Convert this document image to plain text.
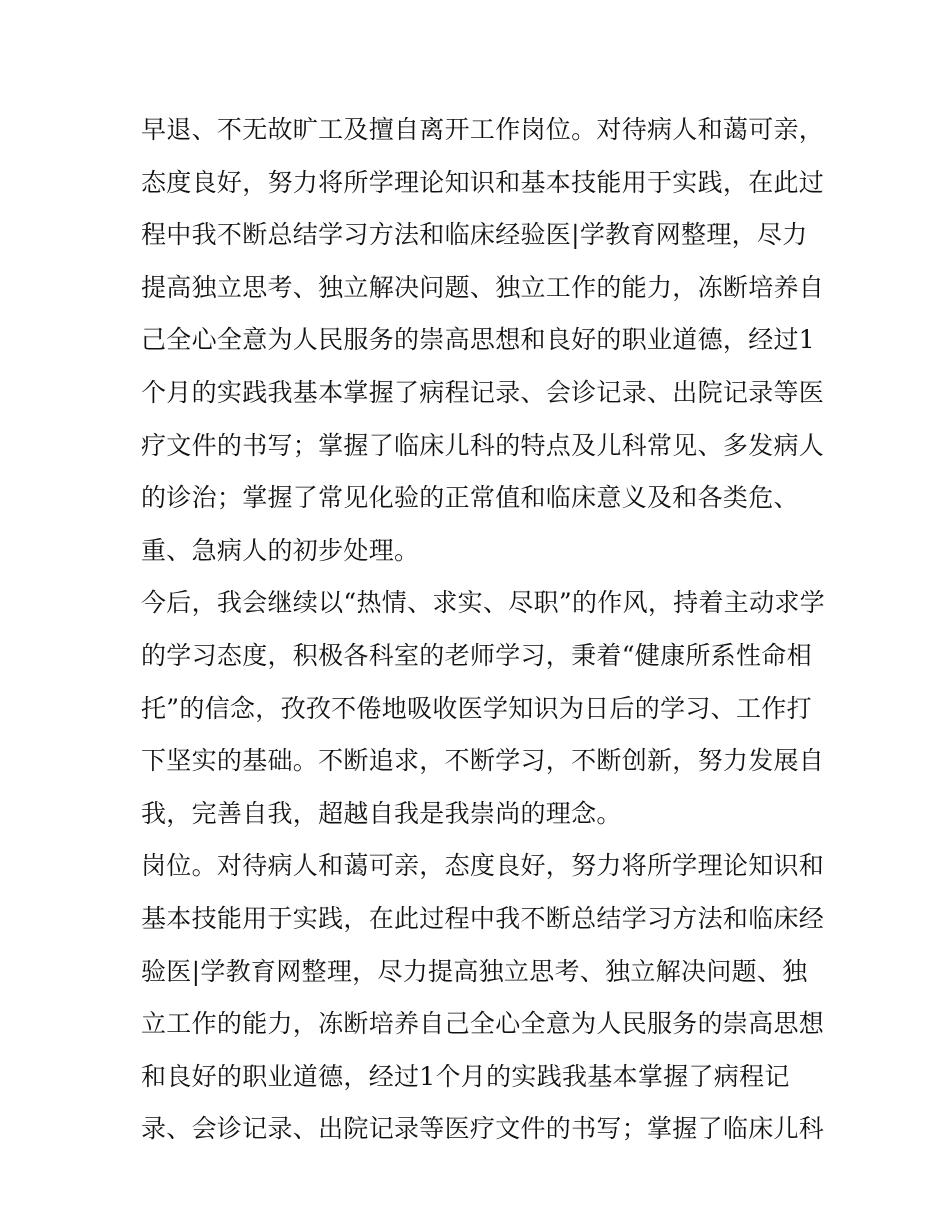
早退、不无故旷工及擅自离开工作岗位。对待病人和蔼可亲，
态度良好，努力将所学理论知识和基本技能用于实践，在此过
程中我不断总结学习方法和临床经验医|学教育网整理，尽力
提高独立思考、独立解决问题、独立工作的能力，冻断培养自
己全心全意为人民服务的崇高思想和良好的职业道德，经过1
个月的实践我基本掌握了病程记录、会诊记录、出院记录等医
疗文件的书写；掌握了临床儿科的特点及儿科常见、多发病人
的诊治；掌握了常见化验的正常值和临床意义及和各类危、
重、急病人的初步处理。
今后，我会继续以“热情、求实、尽职”的作风，持着主动求学
的学习态度，积极各科室的老师学习，秉着“健康所系性命相
托”的信念，孜孜不倦地吸收医学知识为日后的学习、工作打
下坚实的基础。不断追求，不断学习，不断创新，努力发展自
我，完善自我，超越自我是我崇尚的理念。
岗位。对待病人和蔼可亲，态度良好，努力将所学理论知识和
基本技能用于实践，在此过程中我不断总结学习方法和临床经
验医|学教育网整理，尽力提高独立思考、独立解决问题、独
立工作的能力，冻断培养自己全心全意为人民服务的崇高思想
和良好的职业道德，经过1个月的实践我基本掌握了病程记
录、会诊记录、出院记录等医疗文件的书写；掌握了临床儿科
